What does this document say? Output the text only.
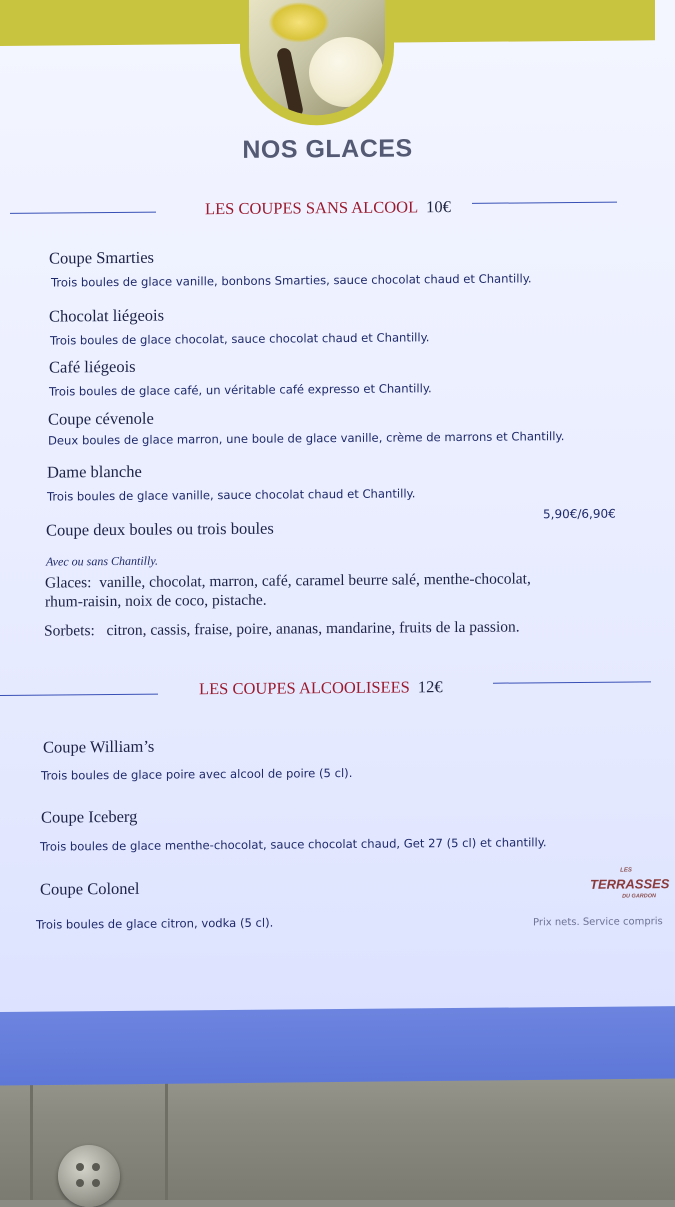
NOS GLACES
LES COUPES SANS ALCOOL 10€
Coupe Smarties
Trois boules de glace vanille, bonbons Smarties, sauce chocolat chaud et Chantilly.
Chocolat liégeois
Trois boules de glace chocolat, sauce chocolat chaud et Chantilly.
Café liégeois
Trois boules de glace café, un véritable café expresso et Chantilly.
Coupe cévenole
Deux boules de glace marron, une boule de glace vanille, crème de marrons et Chantilly.
Dame blanche
Trois boules de glace vanille, sauce chocolat chaud et Chantilly.
Coupe deux boules ou trois boules
5,90€/6,90€
Avec ou sans Chantilly.
Glaces: vanille, chocolat, marron, café, caramel beurre salé, menthe-chocolat,
rhum-raisin, noix de coco, pistache.
Sorbets: citron, cassis, fraise, poire, ananas, mandarine, fruits de la passion.
LES COUPES ALCOOLISEES 12€
Coupe William’s
Trois boules de glace poire avec alcool de poire (5 cl).
Coupe Iceberg
Trois boules de glace menthe-chocolat, sauce chocolat chaud, Get 27 (5 cl) et chantilly.
Coupe Colonel
Trois boules de glace citron, vodka (5 cl).
LES
TERRASSES
DU GARDON
Prix nets. Service compris
